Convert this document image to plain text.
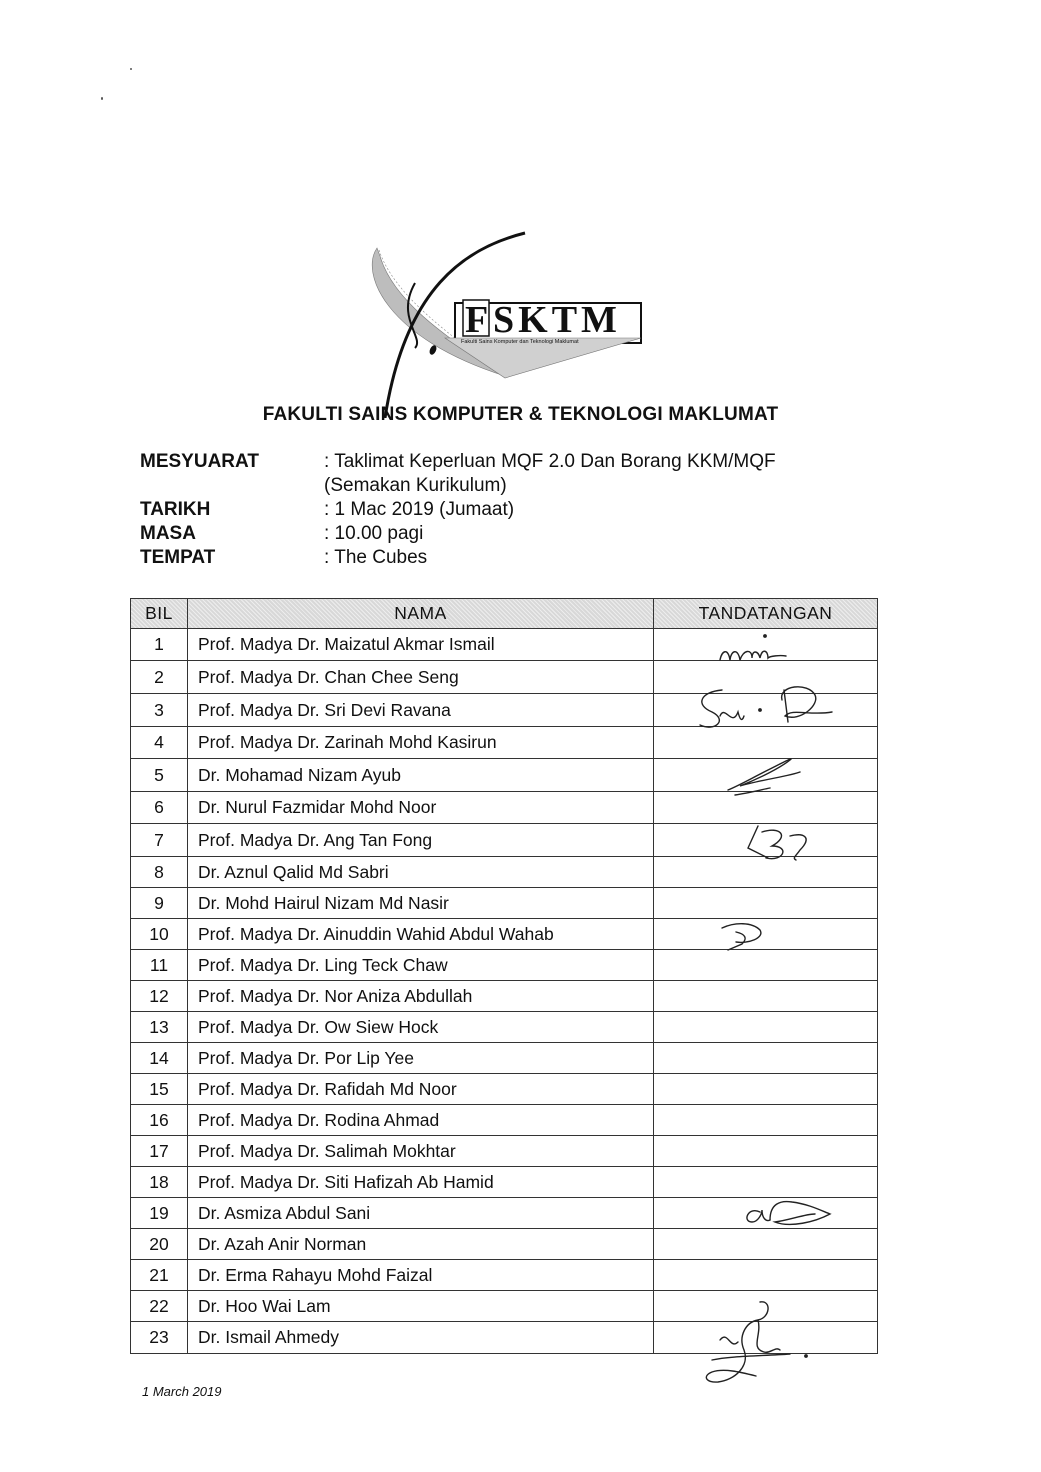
F SKTM
Fakulti Sains Komputer dan Teknologi Maklumat
FAKULTI SAINS KOMPUTER & TEKNOLOGI MAKLUMAT
MESYUARAT	: Taklimat Keperluan MQF 2.0 Dan Borang KKM/MQF
(Semakan Kurikulum)
TARIKH	: 1 Mac 2019 (Jumaat)
MASA	: 10.00 pagi
TEMPAT	: The Cubes
BIL	NAMA	TANDATANGAN
1	Prof. Madya Dr. Maizatul Akmar Ismail	
2	Prof. Madya Dr. Chan Chee Seng	
3	Prof. Madya Dr. Sri Devi Ravana	
4	Prof. Madya Dr. Zarinah Mohd Kasirun	
5	Dr. Mohamad Nizam Ayub	
6	Dr. Nurul Fazmidar Mohd Noor	
7	Prof. Madya Dr. Ang Tan Fong	
8	Dr. Aznul Qalid Md Sabri	
9	Dr. Mohd Hairul Nizam Md Nasir	
10	Prof. Madya Dr. Ainuddin Wahid Abdul Wahab	
11	Prof. Madya Dr. Ling Teck Chaw	
12	Prof. Madya Dr. Nor Aniza Abdullah	
13	Prof. Madya Dr. Ow Siew Hock	
14	Prof. Madya Dr. Por Lip Yee	
15	Prof. Madya Dr. Rafidah Md Noor	
16	Prof. Madya Dr. Rodina Ahmad	
17	Prof. Madya Dr. Salimah Mokhtar	
18	Prof. Madya Dr. Siti Hafizah Ab Hamid	
19	Dr. Asmiza Abdul Sani	
20	Dr. Azah Anir Norman	
21	Dr. Erma Rahayu Mohd Faizal	
22	Dr. Hoo Wai Lam	
23	Dr. Ismail Ahmedy	
1 March 2019
